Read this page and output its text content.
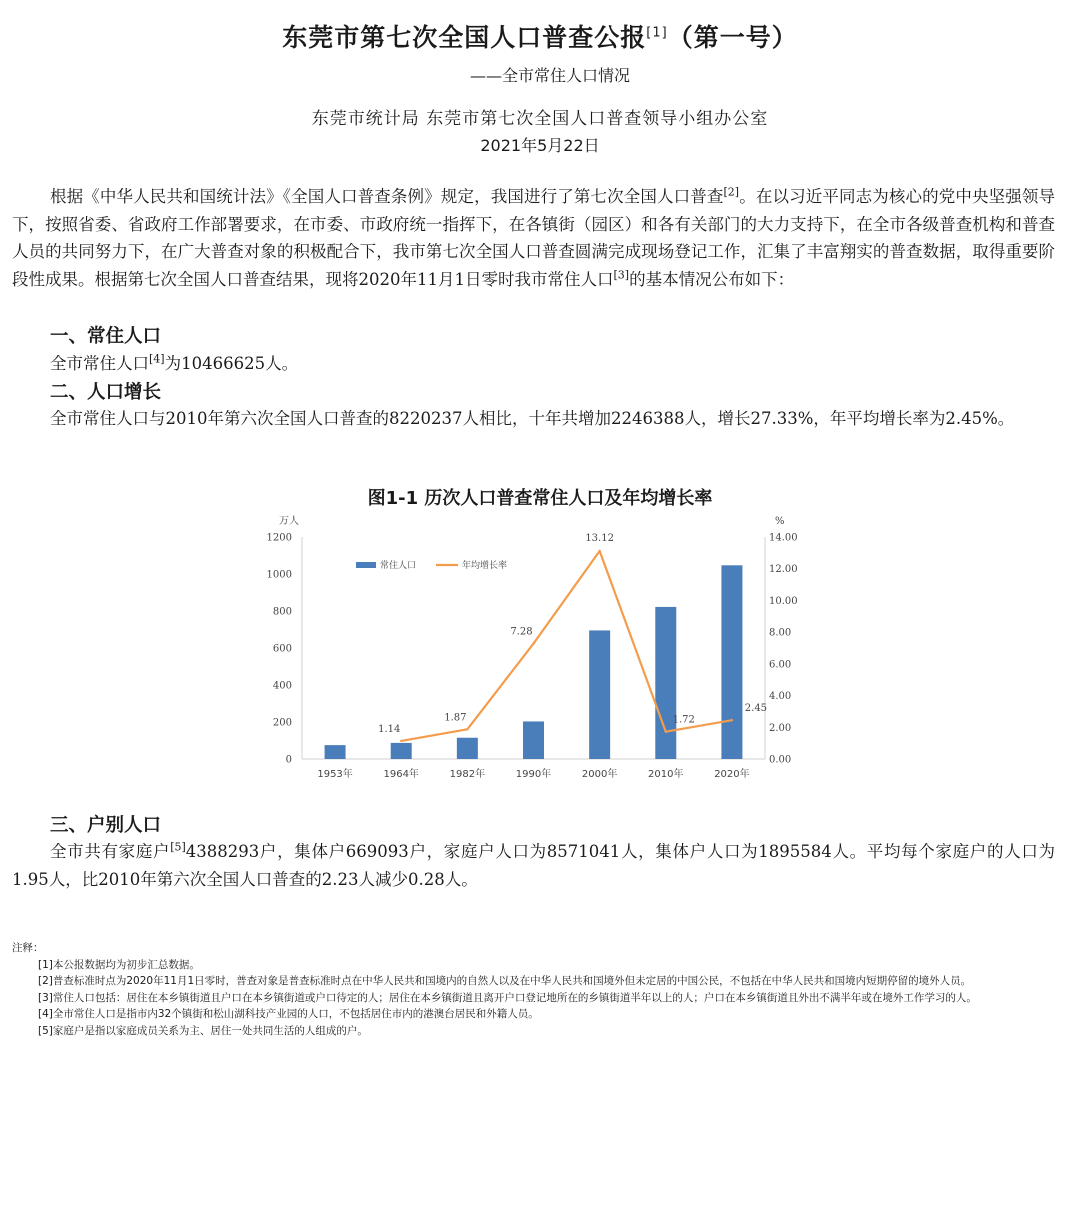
东莞市第七次全国人口普查公报[1]（第一号）
——全市常住人口情况
东莞市统计局 东莞市第七次全国人口普查领导小组办公室
2021年5月22日
根据《中华人民共和国统计法》《全国人口普查条例》规定，我国进行了第七次全国人口普查[2]。在以习近平同志为核心的党中央坚强领导下，按照省委、省政府工作部署要求，在市委、市政府统一指挥下，在各镇街（园区）和各有关部门的大力支持下，在全市各级普查机构和普查人员的共同努力下，在广大普查对象的积极配合下，我市第七次全国人口普查圆满完成现场登记工作，汇集了丰富翔实的普查数据，取得重要阶段性成果。根据第七次全国人口普查结果，现将2020年11月1日零时我市常住人口[3]的基本情况公布如下：
一、常住人口
全市常住人口[4]为10466625人。
二、人口增长
全市常住人口与2010年第六次全国人口普查的8220237人相比，十年共增加2246388人，增长27.33%，年平均增长率为2.45%。
图1-1 历次人口普查常住人口及年均增长率
万人	%
0
200
400
600
800
1000
1200
0.00
2.00
4.00
6.00
8.00
10.00
12.00
14.00
1953年	1964年	1982年	1990年	2000年	2010年	2020年
1.14
1.87
7.28
13.12
1.72
2.45
常住人口	年均增长率
三、户别人口
全市共有家庭户[5]4388293户，集体户669093户，家庭户人口为8571041人，集体户人口为1895584人。平均每个家庭户的人口为1.95人，比2010年第六次全国人口普查的2.23人减少0.28人。
注释：
[1]本公报数据均为初步汇总数据。
[2]普查标准时点为2020年11月1日零时，普查对象是普查标准时点在中华人民共和国境内的自然人以及在中华人民共和国境外但未定居的中国公民，不包括在中华人民共和国境内短期停留的境外人员。
[3]常住人口包括：居住在本乡镇街道且户口在本乡镇街道或户口待定的人；居住在本乡镇街道且离开户口登记地所在的乡镇街道半年以上的人；户口在本乡镇街道且外出不满半年或在境外工作学习的人。
[4]全市常住人口是指市内32个镇街和松山湖科技产业园的人口，不包括居住市内的港澳台居民和外籍人员。
[5]家庭户是指以家庭成员关系为主、居住一处共同生活的人组成的户。
